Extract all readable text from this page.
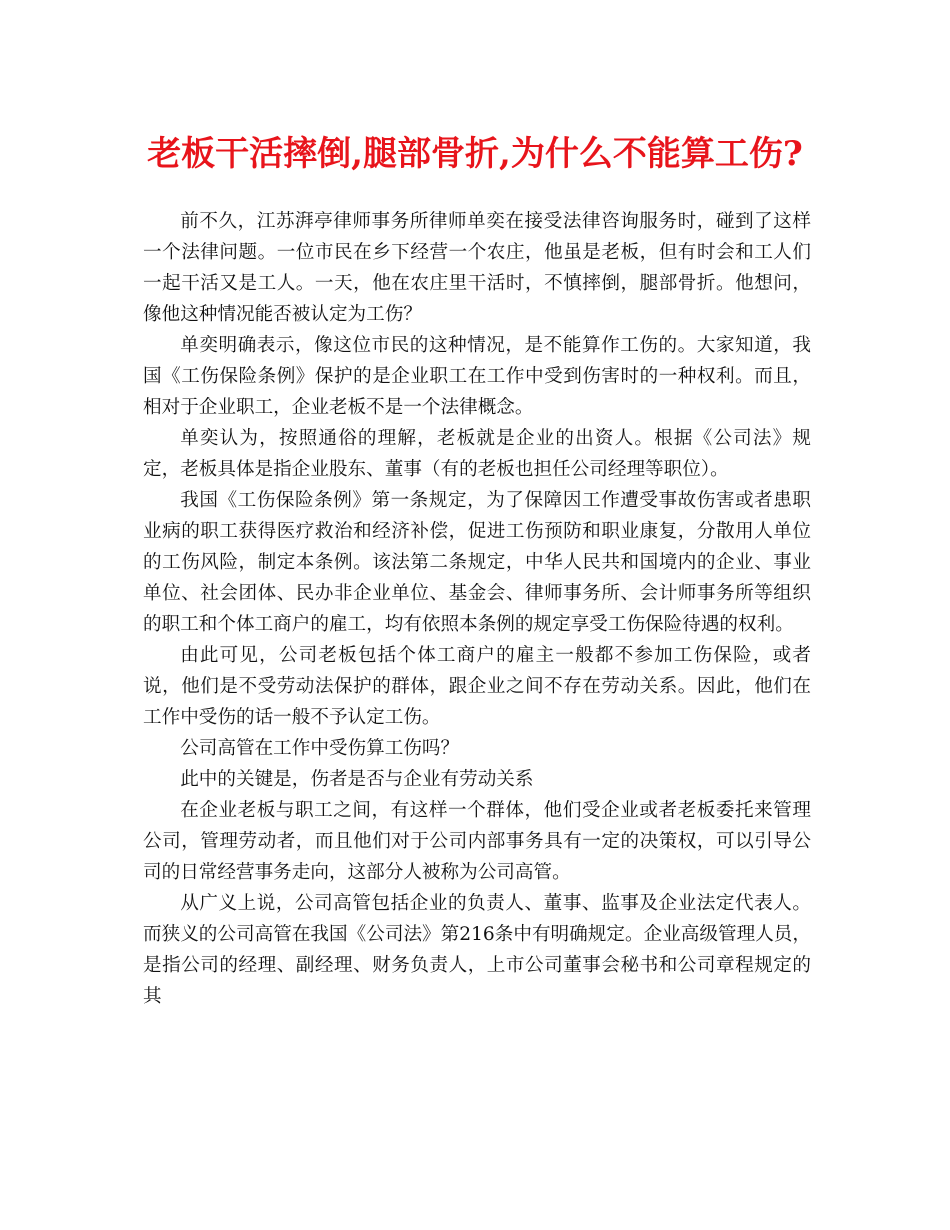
老板干活摔倒,腿部骨折,为什么不能算工伤?

前不久，江苏湃亭律师事务所律师单奕在接受法律咨询服务时，碰到了这样一个法律问题。一位市民在乡下经营一个农庄，他虽是老板，但有时会和工人们一起干活又是工人。一天，他在农庄里干活时，不慎摔倒，腿部骨折。他想问，像他这种情况能否被认定为工伤？

单奕明确表示，像这位市民的这种情况，是不能算作工伤的。大家知道，我国《工伤保险条例》保护的是企业职工在工作中受到伤害时的一种权利。而且，相对于企业职工，企业老板不是一个法律概念。

单奕认为，按照通俗的理解，老板就是企业的出资人。根据《公司法》规定，老板具体是指企业股东、董事（有的老板也担任公司经理等职位）。

我国《工伤保险条例》第一条规定，为了保障因工作遭受事故伤害或者患职业病的职工获得医疗救治和经济补偿，促进工伤预防和职业康复，分散用人单位的工伤风险，制定本条例。该法第二条规定，中华人民共和国境内的企业、事业单位、社会团体、民办非企业单位、基金会、律师事务所、会计师事务所等组织的职工和个体工商户的雇工，均有依照本条例的规定享受工伤保险待遇的权利。

由此可见，公司老板包括个体工商户的雇主一般都不参加工伤保险，或者说，他们是不受劳动法保护的群体，跟企业之间不存在劳动关系。因此，他们在工作中受伤的话一般不予认定工伤。

公司高管在工作中受伤算工伤吗？

此中的关键是，伤者是否与企业有劳动关系

在企业老板与职工之间，有这样一个群体，他们受企业或者老板委托来管理公司，管理劳动者，而且他们对于公司内部事务具有一定的决策权，可以引导公司的日常经营事务走向，这部分人被称为公司高管。

从广义上说，公司高管包括企业的负责人、董事、监事及企业法定代表人。而狭义的公司高管在我国《公司法》第216条中有明确规定。企业高级管理人员，是指公司的经理、副经理、财务负责人，上市公司董事会秘书和公司章程规定的其
